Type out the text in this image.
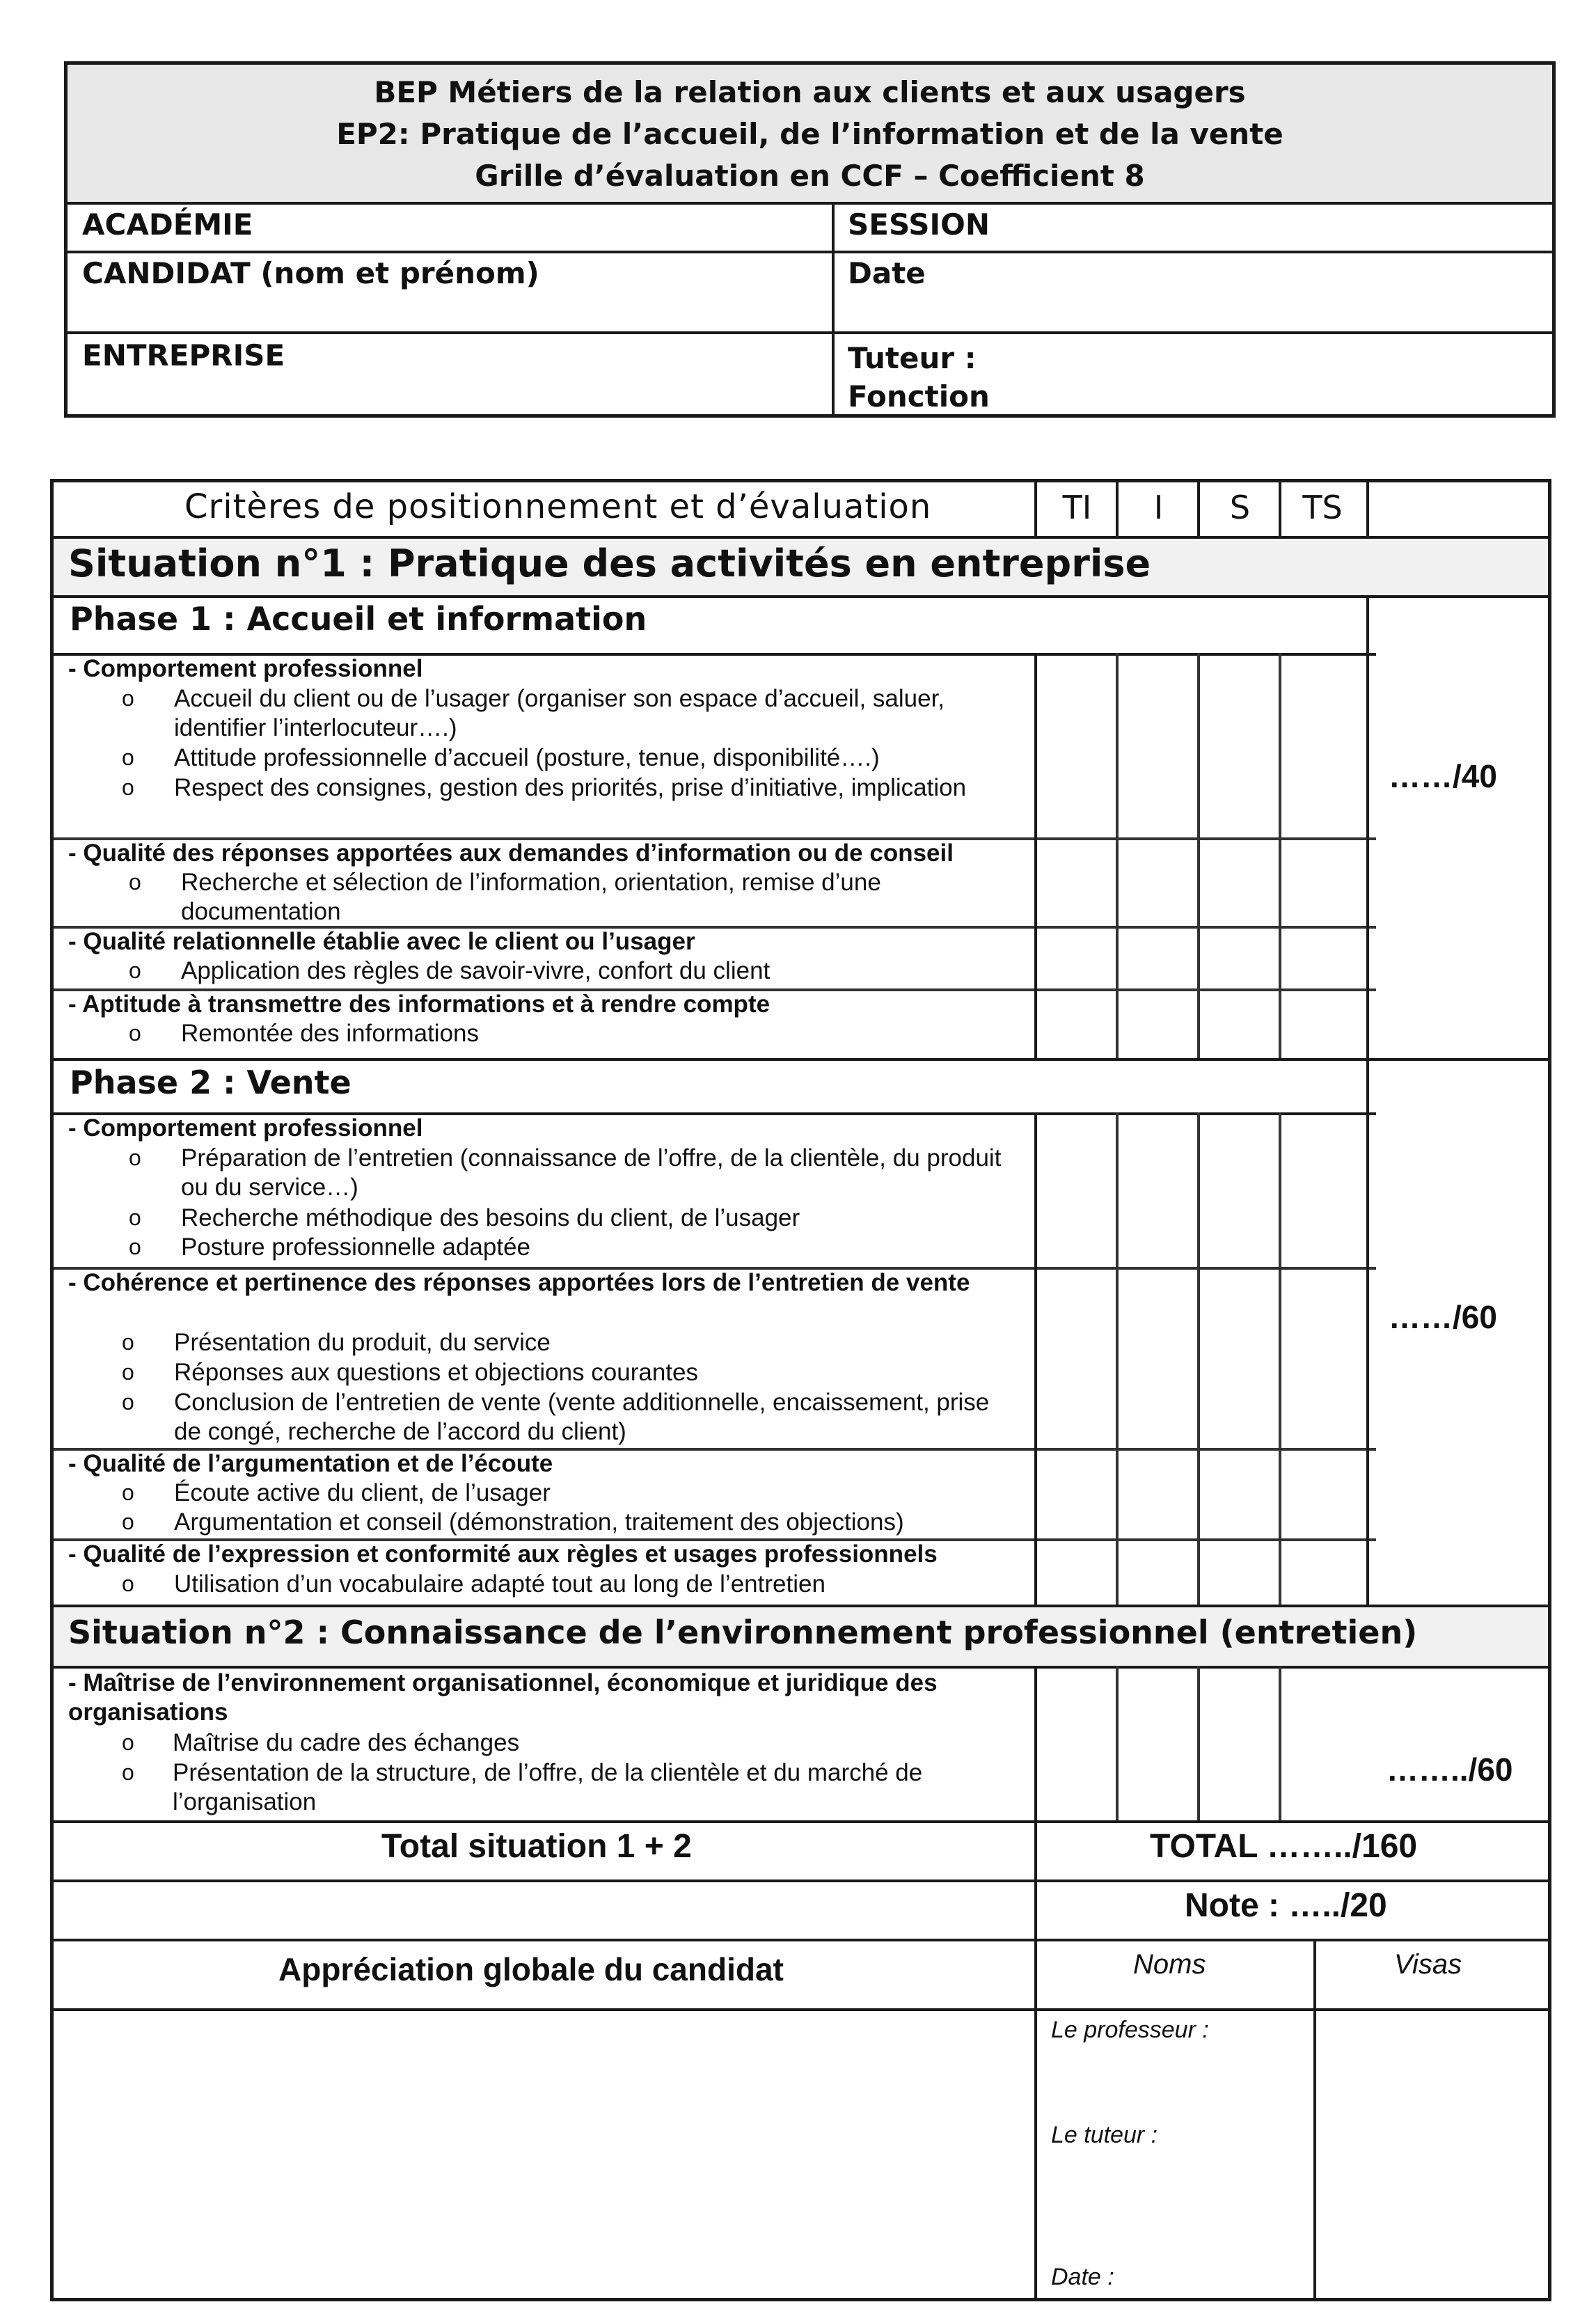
BEP Métiers de la relation aux clients et aux usagers
EP2: Pratique de l’accueil, de l’information et de la vente
Grille d’évaluation en CCF – Coefficient 8
ACADÉMIE	SESSION
CANDIDAT (nom et prénom)	Date
ENTREPRISE	Tuteur :
Fonction
Critères de positionnement et d’évaluation	TI	I	S	TS
Situation n°1 : Pratique des activités en entreprise
Phase 1 : Accueil et information
- Comportement professionnel
o Accueil du client ou de l’usager (organiser son espace d’accueil, saluer, identifier l’interlocuteur….)
o Attitude professionnelle d’accueil (posture, tenue, disponibilité….)
o Respect des consignes, gestion des priorités, prise d’initiative, implication
- Qualité des réponses apportées aux demandes d’information ou de conseil
o Recherche et sélection de l’information, orientation, remise d’une documentation
- Qualité relationnelle établie avec le client ou l’usager
o Application des règles de savoir-vivre, confort du client
- Aptitude à transmettre des informations et à rendre compte
o Remontée des informations
……/40
Phase 2 : Vente
- Comportement professionnel
o Préparation de l’entretien (connaissance de l’offre, de la clientèle, du produit ou du service…)
o Recherche méthodique des besoins du client, de l’usager
o Posture professionnelle adaptée
- Cohérence et pertinence des réponses apportées lors de l’entretien de vente
o Présentation du produit, du service
o Réponses aux questions et objections courantes
o Conclusion de l’entretien de vente (vente additionnelle, encaissement, prise de congé, recherche de l’accord du client)
- Qualité de l’argumentation et de l’écoute
o Écoute active du client, de l’usager
o Argumentation et conseil (démonstration, traitement des objections)
- Qualité de l’expression et conformité aux règles et usages professionnels
o Utilisation d’un vocabulaire adapté tout au long de l’entretien
……/60
Situation n°2 : Connaissance de l’environnement professionnel (entretien)
- Maîtrise de l’environnement organisationnel, économique et juridique des organisations
o Maîtrise du cadre des échanges
o Présentation de la structure, de l’offre, de la clientèle et du marché de l’organisation
……../60
Total situation 1 + 2	TOTAL ……../160
Note : …../20
Appréciation globale du candidat	Noms	Visas
Le professeur :
Le tuteur :
Date :
